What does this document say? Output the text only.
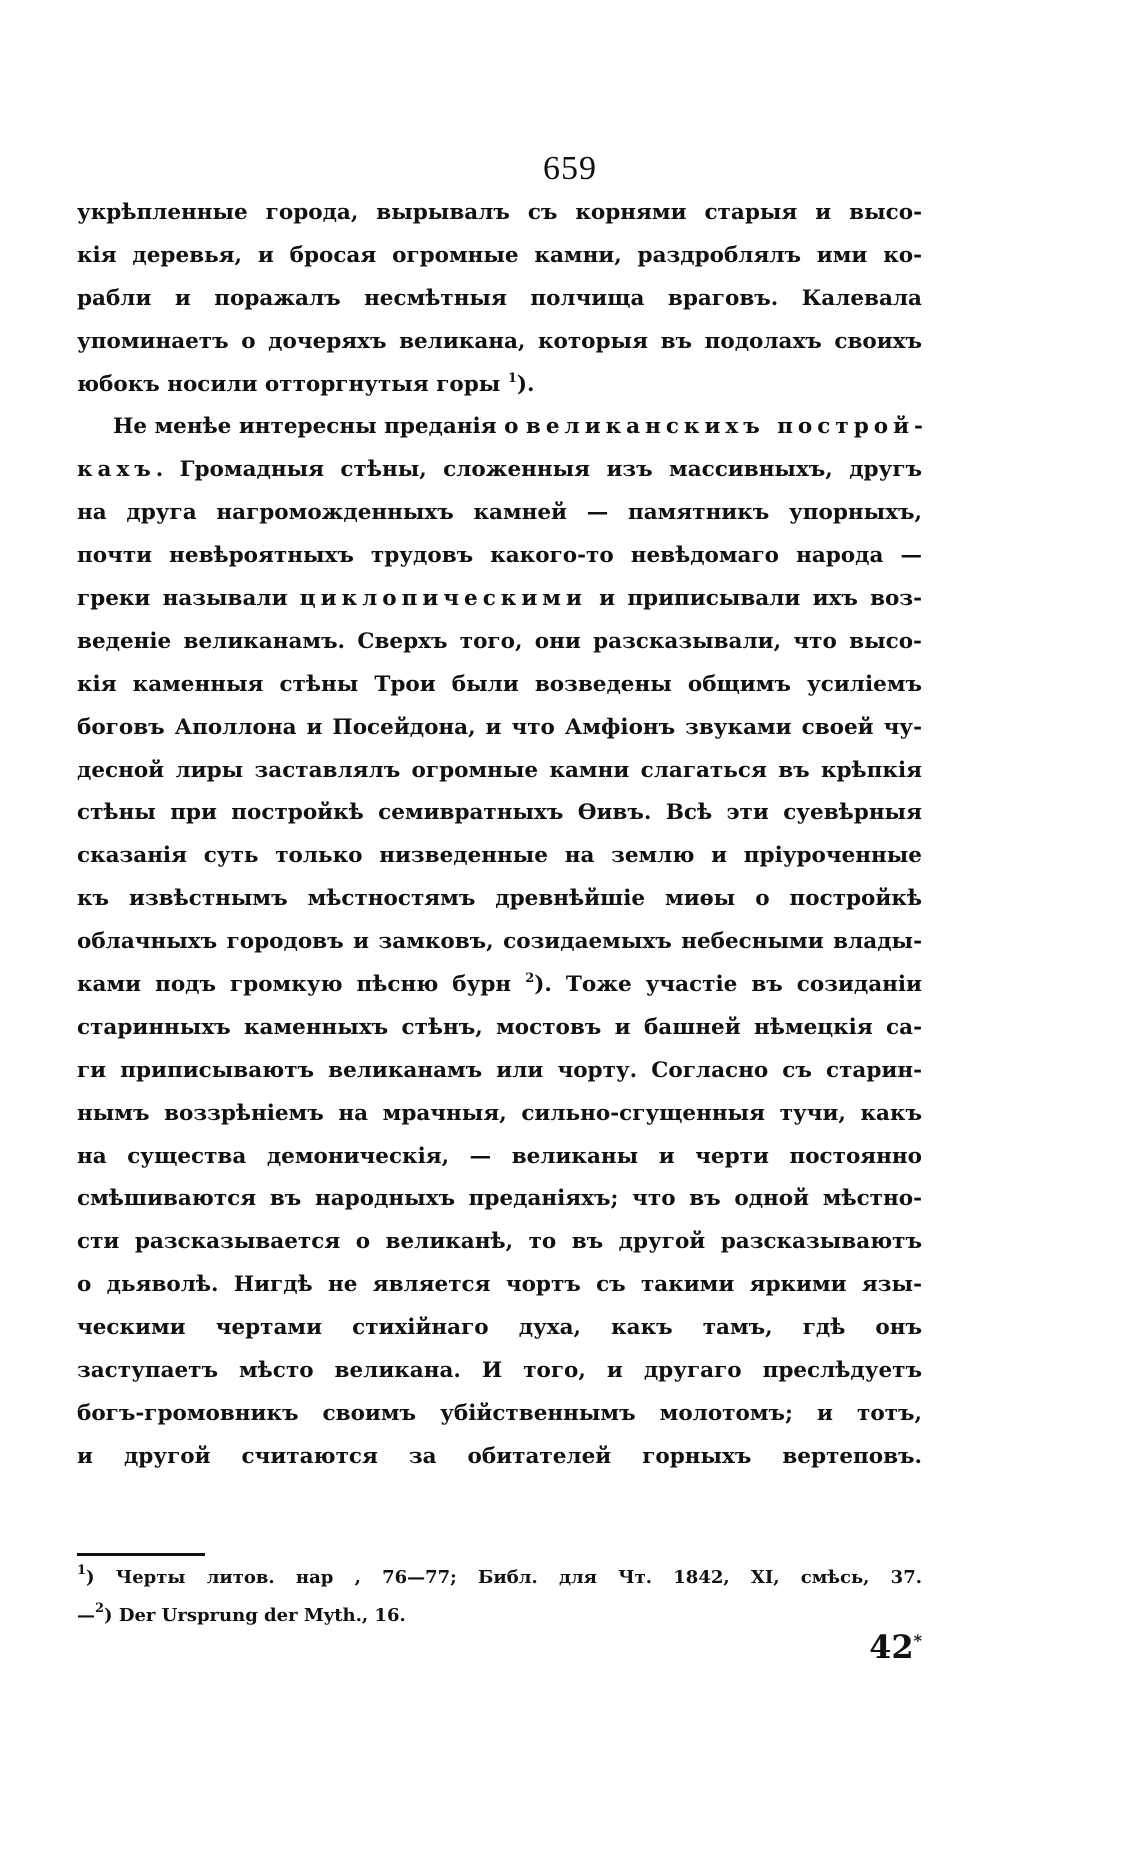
659
укрѣпленные города, вырывалъ съ корнями старыя и высо-
кія деревья, и бросая огромные камни, раздроблялъ ими ко-
рабли и поражалъ несмѣтныя полчища враговъ. Калевала
упоминаетъ о дочеряхъ великана, которыя въ подолахъ своихъ
юбокъ носили отторгнутыя горы $^1$).
Не менѣе интересны преданія о великанскихъ построй-
кахъ. Громадныя стѣны, сложенныя изъ массивныхъ, другъ
на друга нагроможденныхъ камней — памятникъ упорныхъ,
почти невѣроятныхъ трудовъ какого-то невѣдомаго народа —
греки называли циклопическими и приписывали ихъ воз-
веденіе великанамъ. Сверхъ того, они разсказывали, что высо-
кія каменныя стѣны Трои были возведены общимъ усиліемъ
боговъ Аполлона и Посейдона, и что Амфіонъ звуками своей чу-
десной лиры заставлялъ огромные камни слагаться въ крѣпкія
стѣны при постройкѣ семивратныхъ Ѳивъ. Всѣ эти суевѣрныя
сказанія суть только низведенные на землю и пріуроченные
къ извѣстнымъ мѣстностямъ древнѣйшіе миѳы о постройкѣ
облачныхъ городовъ и замковъ, созидаемыхъ небесными влады-
ками подъ громкую пѣсню бурн $^2$). Тоже участіе въ созиданіи
старинныхъ каменныхъ стѣнъ, мостовъ и башней нѣмецкія са-
ги приписываютъ великанамъ или чорту. Согласно съ старин-
нымъ воззрѣніемъ на мрачныя, сильно-сгущенныя тучи, какъ
на существа демоническія, — великаны и черти постоянно
смѣшиваются въ народныхъ преданіяхъ; что въ одной мѣстно-
сти разсказывается о великанѣ, то въ другой разсказываютъ
о дьяволѣ. Нигдѣ не является чортъ съ такими яркими язы-
ческими чертами стихійнаго духа, какъ тамъ, гдѣ онъ
заступаетъ мѣсто великана. И того, и другаго преслѣдуетъ
богъ-громовникъ своимъ убійственнымъ молотомъ; и тотъ,
и другой считаются за обитателей горныхъ вертеповъ.
$^1$) Черты литов. нар , 76—77; Библ. для Чт. 1842, XI, смѣсь, 37.
—$^2$) Der Ursprung der Myth., 16.
42*
